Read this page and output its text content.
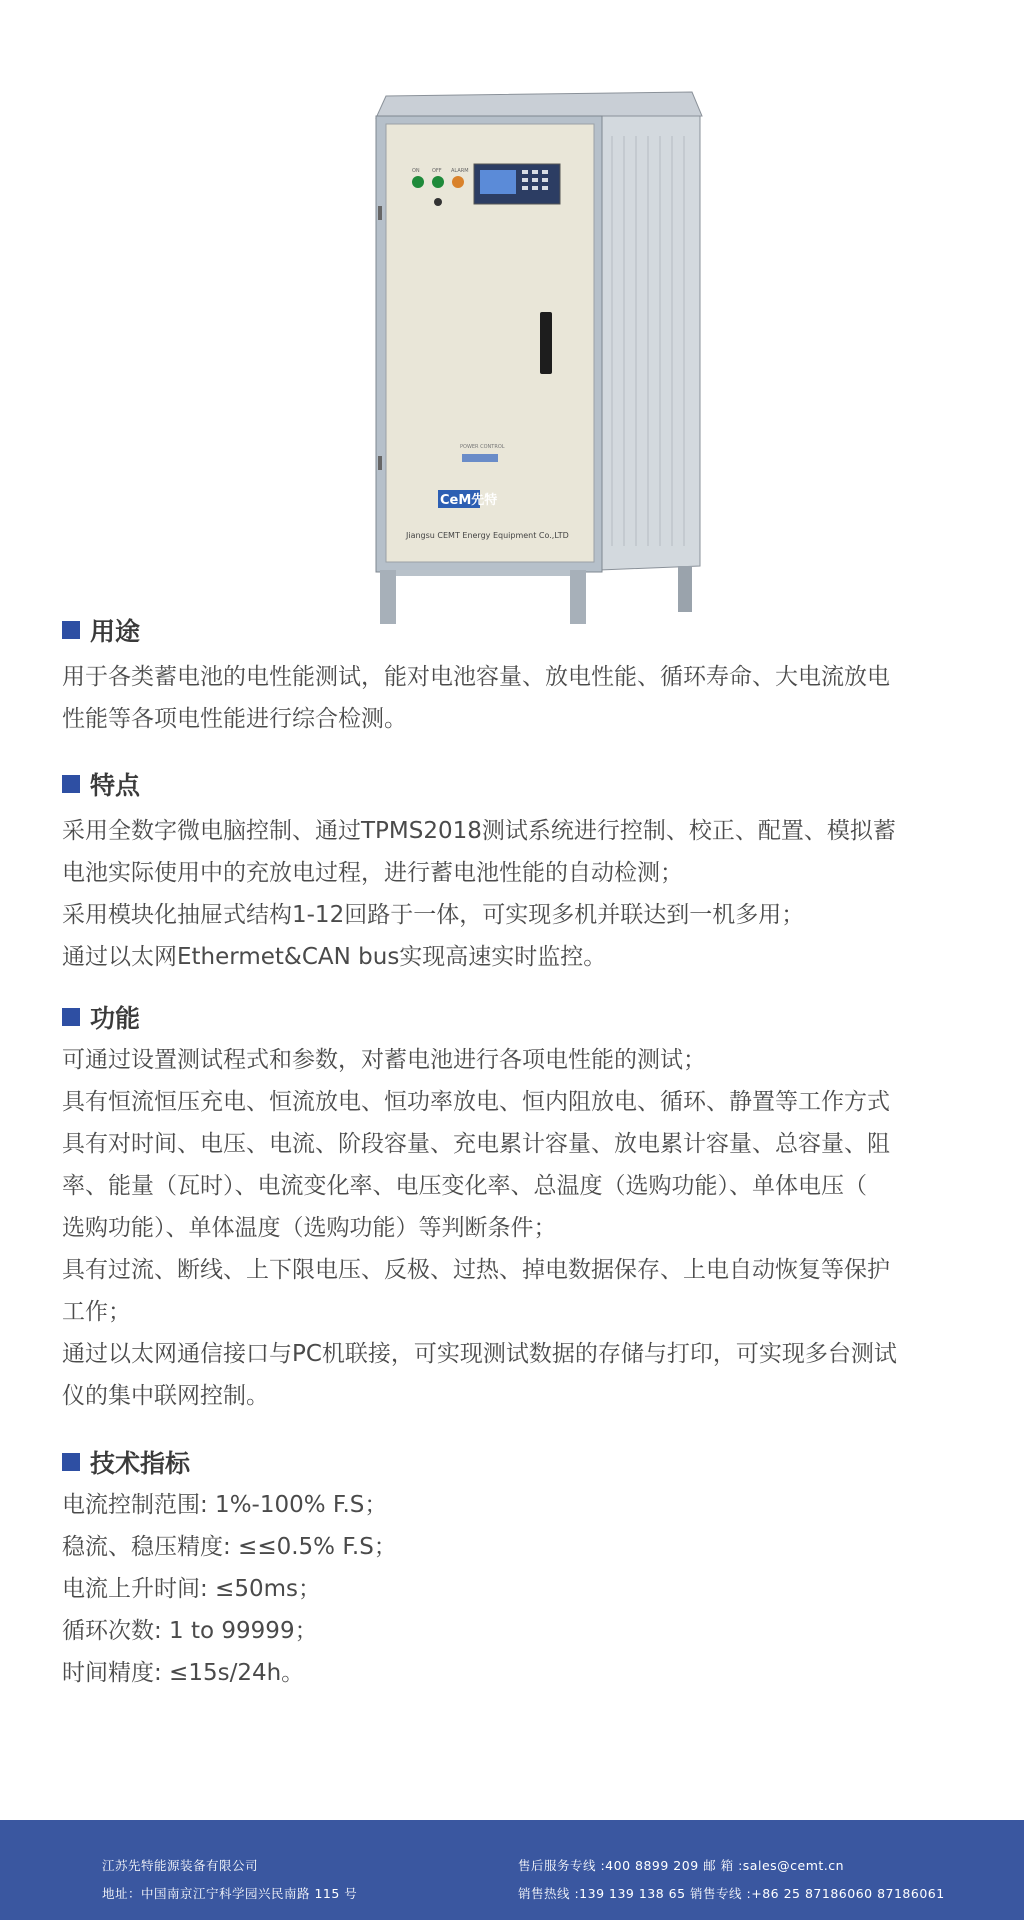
ON OFF ALARM
POWER CONTROL
CeM先特
Jiangsu CEMT Energy Equipment Co.,LTD
用途

用于各类蓄电池的电性能测试，能对电池容量、放电性能、循环寿命、大电流放电

性能等各项电性能进行综合检测。

特点

采用全数字微电脑控制、通过TPMS2018测试系统进行控制、校正、配置、模拟蓄

电池实际使用中的充放电过程，进行蓄电池性能的自动检测；

采用模块化抽屉式结构1-12回路于一体，可实现多机并联达到一机多用；

通过以太网Ethermet&CAN bus实现高速实时监控。

功能

可通过设置测试程式和参数，对蓄电池进行各项电性能的测试；

具有恒流恒压充电、恒流放电、恒功率放电、恒内阻放电、循环、静置等工作方式

具有对时间、电压、电流、阶段容量、充电累计容量、放电累计容量、总容量、阻

率、能量（瓦时）、电流变化率、电压变化率、总温度（选购功能）、单体电压（

选购功能）、单体温度（选购功能）等判断条件；

具有过流、断线、上下限电压、反极、过热、掉电数据保存、上电自动恢复等保护

工作；

通过以太网通信接口与PC机联接，可实现测试数据的存储与打印，可实现多台测试

仪的集中联网控制。

技术指标

电流控制范围: 1%-100% F.S；

稳流、稳压精度: ≤≤0.5% F.S；

电流上升时间: ≤50ms；

循环次数: 1 to 99999；

时间精度: ≤15s/24h。

江苏先特能源装备有限公司
地址：中国南京江宁科学园兴民南路 115 号
售后服务专线 :400 8899 209 邮 箱 :sales@cemt.cn
销售热线 :139 139 138 65 销售专线 :+86 25 87186060 87186061
